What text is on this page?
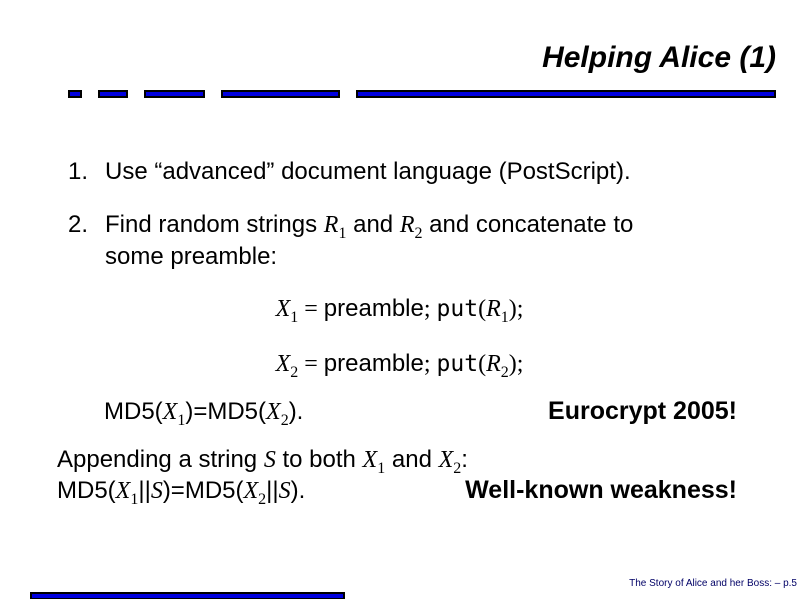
Helping Alice (1)
1. Use “advanced” document language (PostScript).
2. Find random strings $R_1$ and $R_2$ and concatenate to
some preamble:
$X_1$ = preamble; $put(R_1)$;
$X_2$ = preamble; $put(R_2)$;
$MD5(X_1)=MD5(X_2)$.	Eurocrypt 2005!
Appending a string S to both $X_1$ and $X_2$:
$MD5(X_1||S)=MD5(X_2||S)$.	Well-known weakness!
The Story of Alice and her Boss: – p.5
